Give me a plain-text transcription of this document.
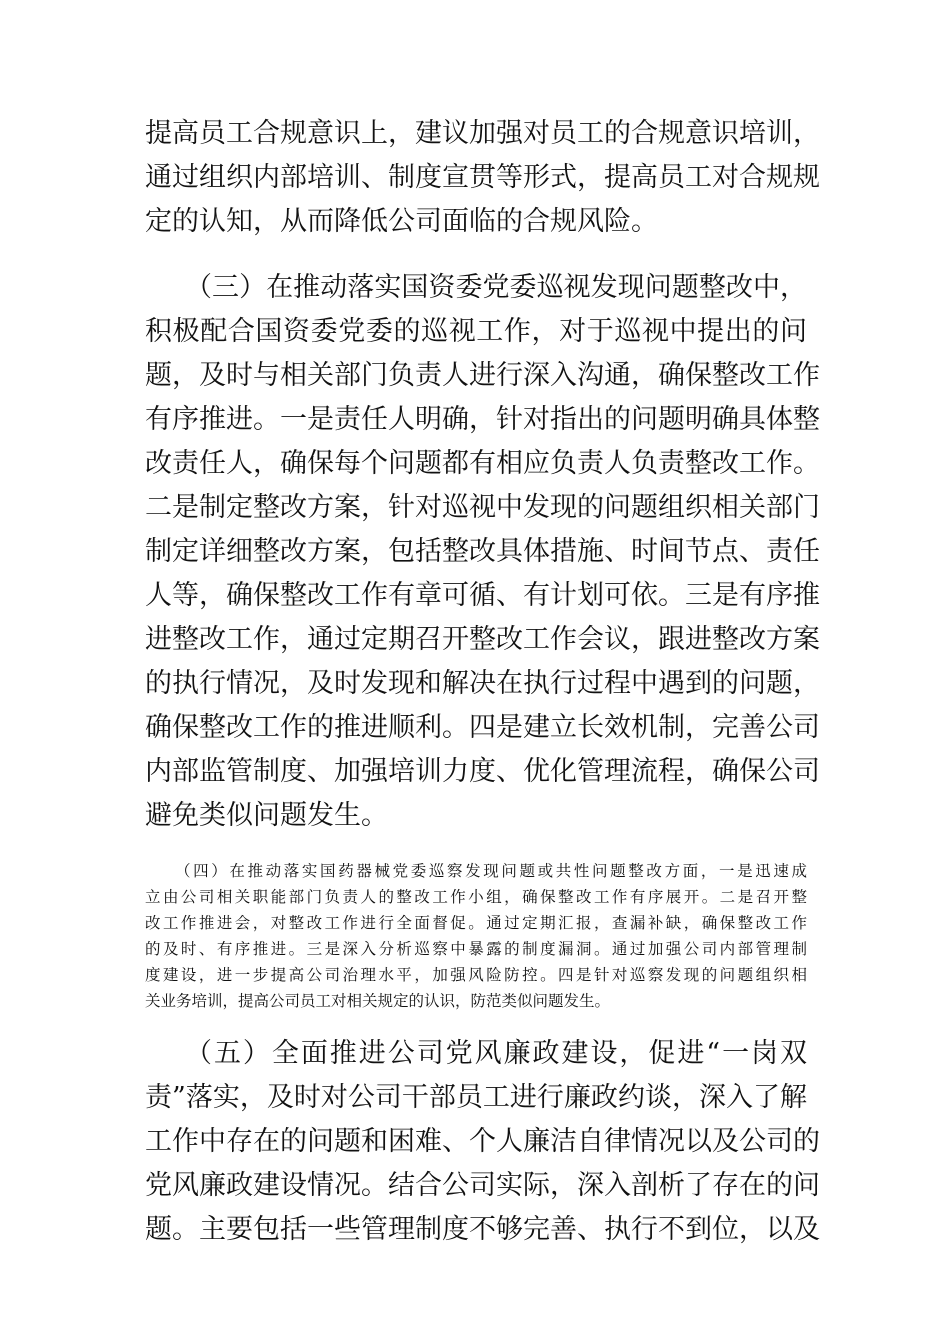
提高员工合规意识上，建议加强对员工的合规意识培训，
通过组织内部培训、制度宣贯等形式，提高员工对合规规
定的认知，从而降低公司面临的合规风险。
（三）在推动落实国资委党委巡视发现问题整改中，
积极配合国资委党委的巡视工作，对于巡视中提出的问
题，及时与相关部门负责人进行深入沟通，确保整改工作
有序推进。一是责任人明确，针对指出的问题明确具体整
改责任人，确保每个问题都有相应负责人负责整改工作。
二是制定整改方案，针对巡视中发现的问题组织相关部门
制定详细整改方案，包括整改具体措施、时间节点、责任
人等，确保整改工作有章可循、有计划可依。三是有序推
进整改工作，通过定期召开整改工作会议，跟进整改方案
的执行情况，及时发现和解决在执行过程中遇到的问题，
确保整改工作的推进顺利。四是建立长效机制，完善公司
内部监管制度、加强培训力度、优化管理流程，确保公司
避免类似问题发生。
（四）在推动落实国药器械党委巡察发现问题或共性问题整改方面，一是迅速成
立由公司相关职能部门负责人的整改工作小组，确保整改工作有序展开。二是召开整
改工作推进会，对整改工作进行全面督促。通过定期汇报，查漏补缺，确保整改工作
的及时、有序推进。三是深入分析巡察中暴露的制度漏洞。通过加强公司内部管理制
度建设，进一步提高公司治理水平，加强风险防控。四是针对巡察发现的问题组织相
关业务培训，提高公司员工对相关规定的认识，防范类似问题发生。
（五）全面推进公司党风廉政建设，促进“一岗双
责”落实，及时对公司干部员工进行廉政约谈，深入了解
工作中存在的问题和困难、个人廉洁自律情况以及公司的
党风廉政建设情况。结合公司实际，深入剖析了存在的问
题。主要包括一些管理制度不够完善、执行不到位，以及
